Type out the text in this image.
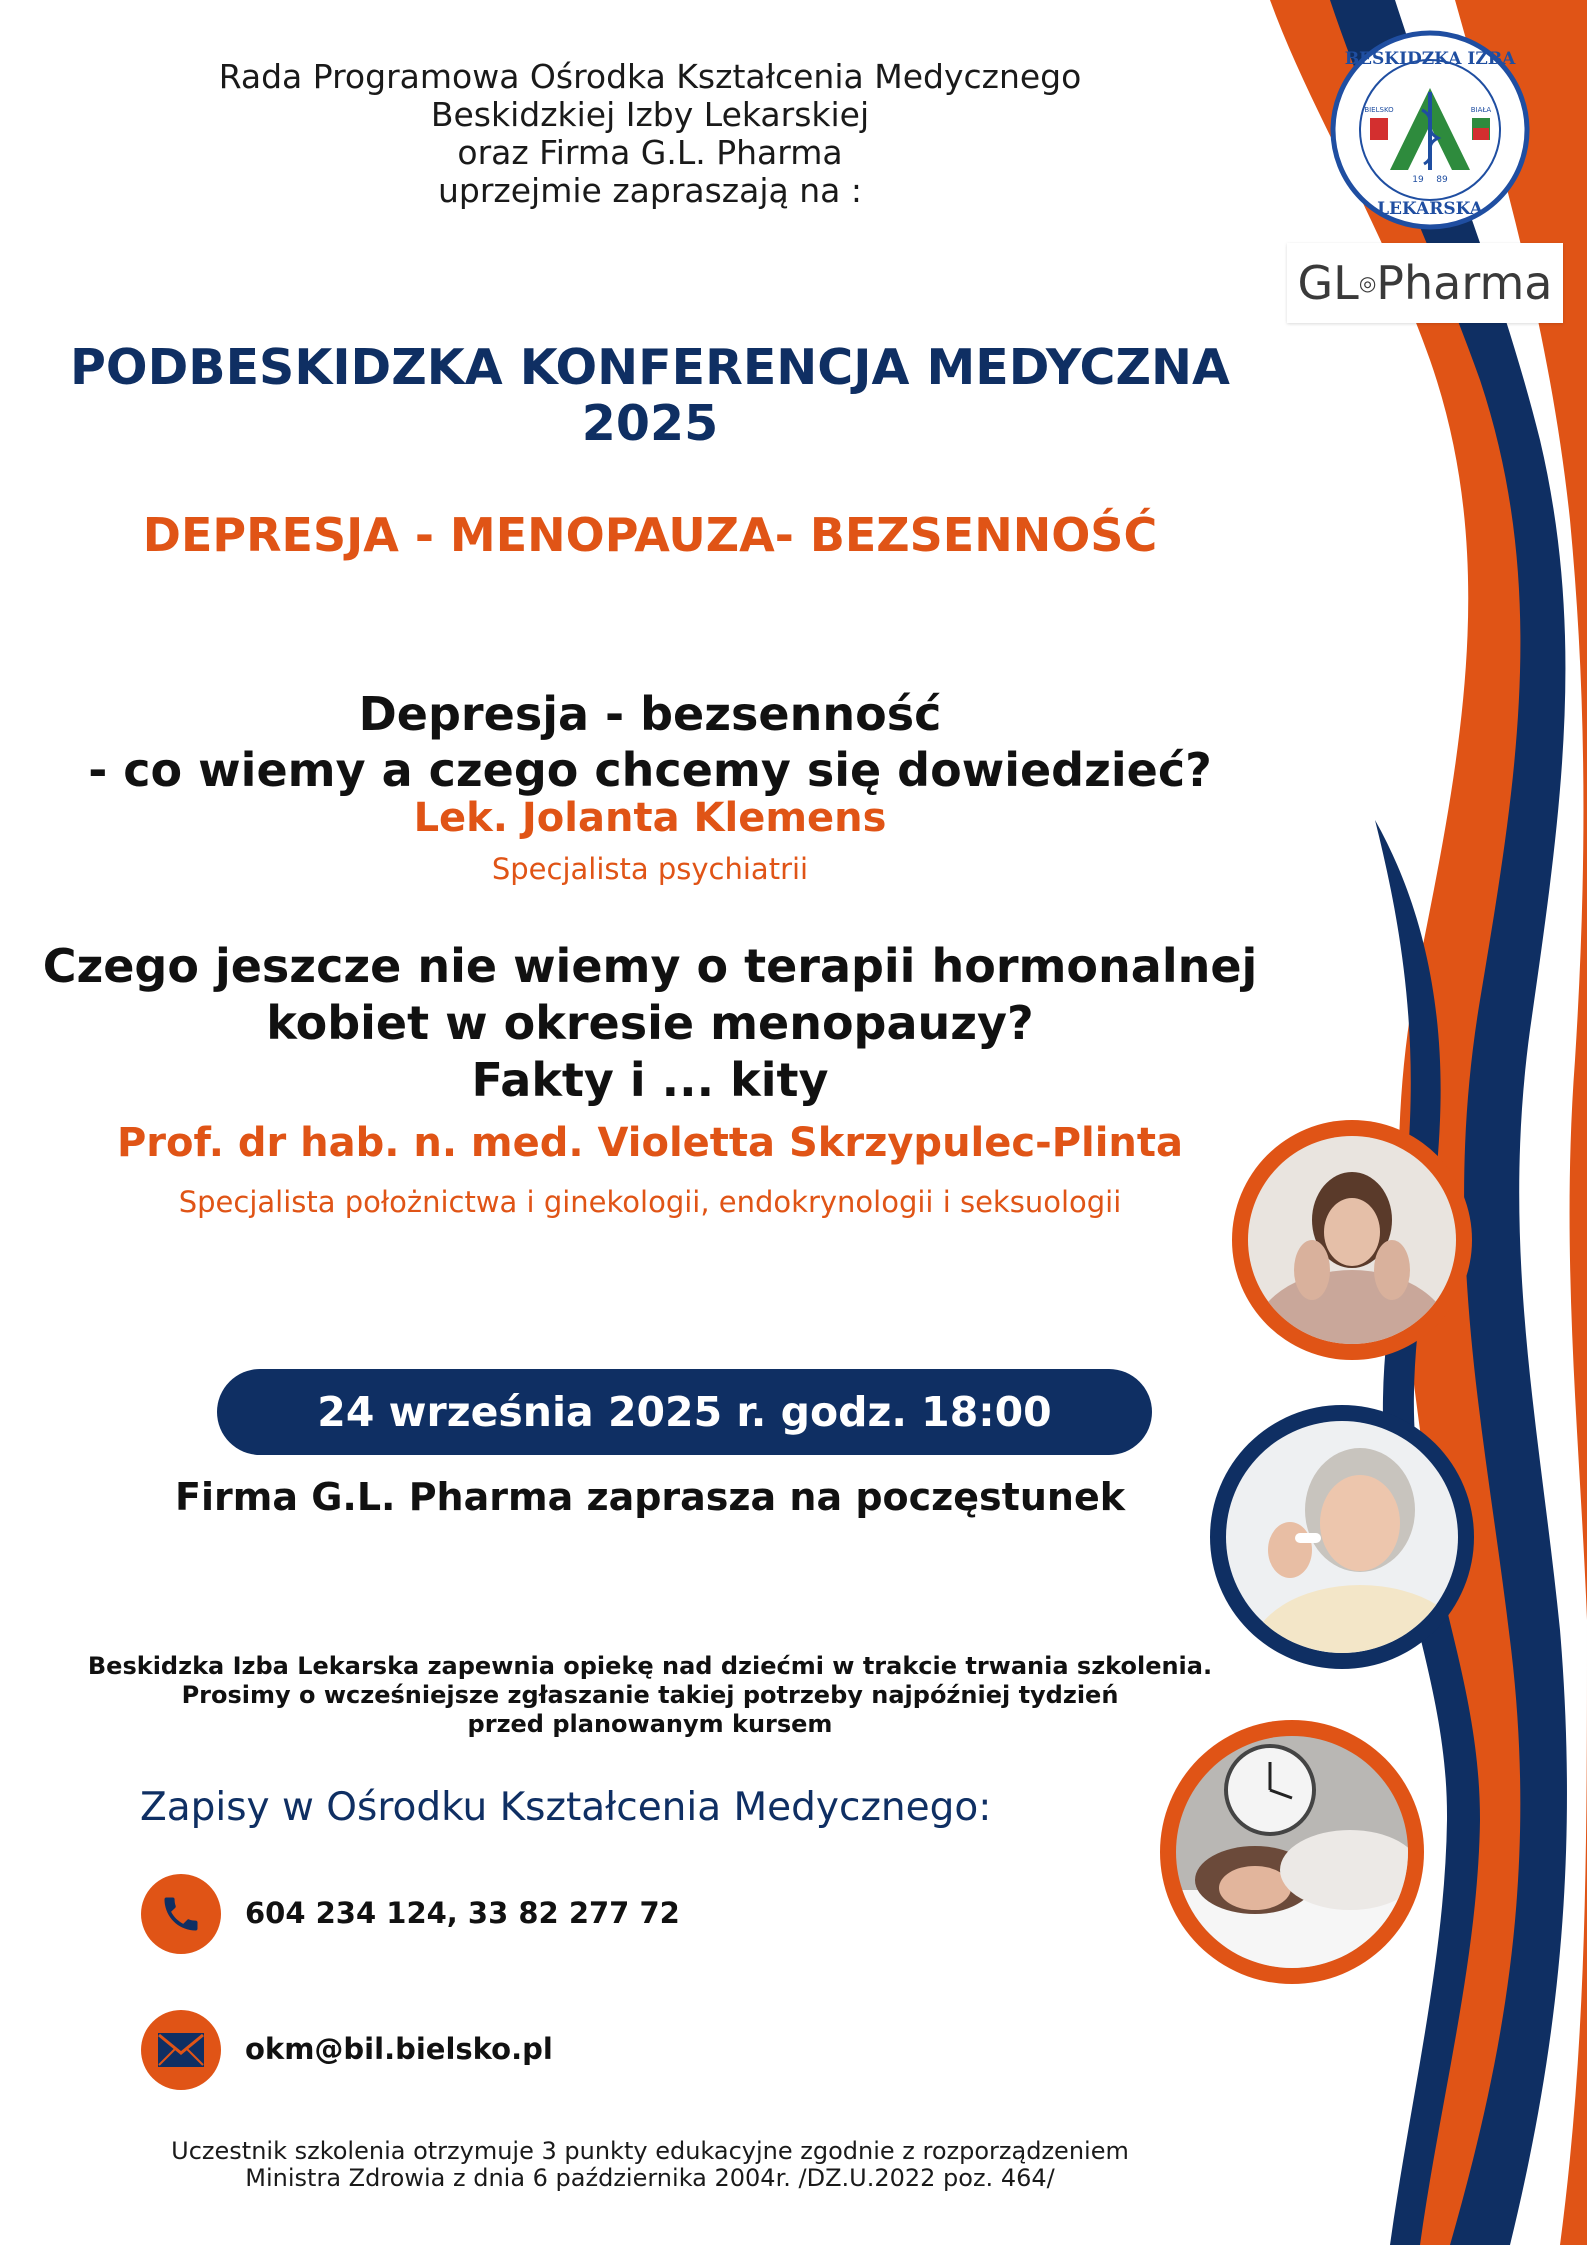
BESKIDZKA IZBA
LEKARSKA
BIELSKO	BIAŁA
19 89
GL ◎ Pharma
Rada Programowa Ośrodka Kształcenia Medycznego
Beskidzkiej Izby Lekarskiej
oraz Firma G.L. Pharma
uprzejmie zapraszają na :
PODBESKIDZKA KONFERENCJA MEDYCZNA
2025
DEPRESJA - MENOPAUZA- BEZSENNOŚĆ
Depresja - bezsenność
- co wiemy a czego chcemy się dowiedzieć?
Lek. Jolanta Klemens
Specjalista psychiatrii
Czego jeszcze nie wiemy o terapii hormonalnej
kobiet w okresie menopauzy?
Fakty i ... kity
Prof. dr hab. n. med. Violetta Skrzypulec-Plinta
Specjalista położnictwa i ginekologii, endokrynologii i seksuologii
24 września 2025 r. godz. 18:00
Firma G.L. Pharma zaprasza na poczęstunek
Beskidzka Izba Lekarska zapewnia opiekę nad dziećmi w trakcie trwania szkolenia.
Prosimy o wcześniejsze zgłaszanie takiej potrzeby najpóźniej tydzień
przed planowanym kursem
Zapisy w Ośrodku Kształcenia Medycznego:
604 234 124, 33 82 277 72
okm@bil.bielsko.pl
Uczestnik szkolenia otrzymuje 3 punkty edukacyjne zgodnie z rozporządzeniem
Ministra Zdrowia z dnia 6 października 2004r. /DZ.U.2022 poz. 464/
